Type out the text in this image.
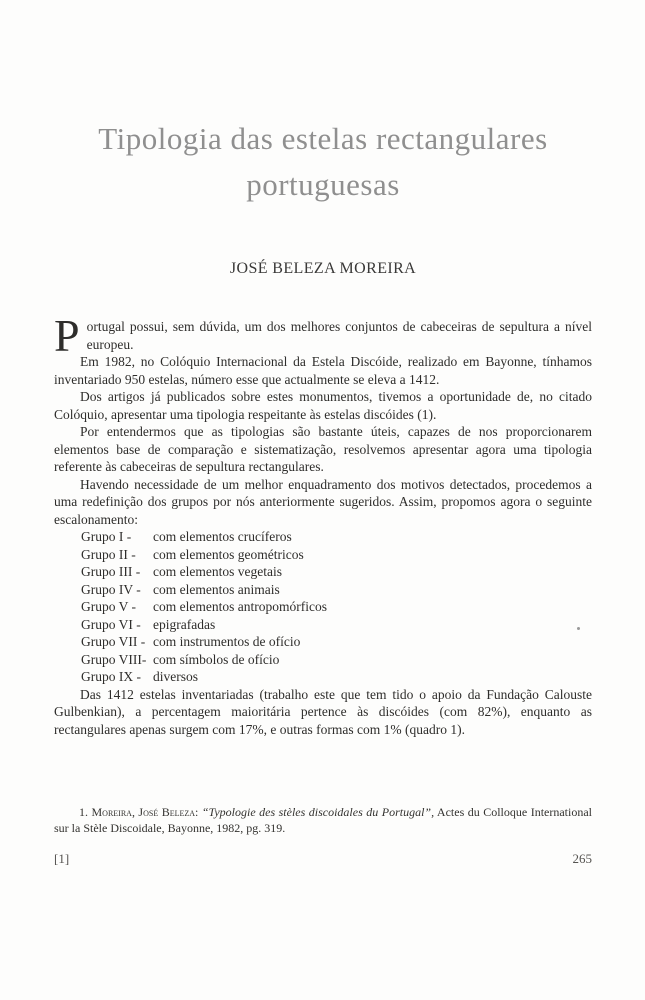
Tipologia das estelas rectangulares portuguesas
JOSÉ BELEZA MOREIRA

Portugal possui, sem dúvida, um dos melhores conjuntos de cabeceiras de sepultura a nível europeu.

Em 1982, no Colóquio Internacional da Estela Discóide, realizado em Bayonne, tínhamos inventariado 950 estelas, número esse que actualmente se eleva a 1412.

Dos artigos já publicados sobre estes monumentos, tivemos a oportunidade de, no citado Colóquio, apresentar uma tipologia respeitante às estelas discóides (1).

Por entendermos que as tipologias são bastante úteis, capazes de nos proporcionarem elementos base de comparação e sistematização, resolvemos apresentar agora uma tipologia referente às cabeceiras de sepultura rectangulares.

Havendo necessidade de um melhor enquadramento dos motivos detectados, procedemos a uma redefinição dos grupos por nós anteriormente sugeridos. Assim, propomos agora o seguinte escalonamento:

Grupo I -	com elementos crucíferos
Grupo II -	com elementos geométricos
Grupo III - com elementos vegetais
Grupo IV - com elementos animais
Grupo V -	com elementos antropomórficos
Grupo VI - epigrafadas
Grupo VII - com instrumentos de ofício
Grupo VIII- com símbolos de ofício
Grupo IX - diversos

Das 1412 estelas inventariadas (trabalho este que tem tido o apoio da Fundação Calouste Gulbenkian), a percentagem maioritária pertence às discóides (com 82%), enquanto as rectangulares apenas surgem com 17%, e outras formas com 1% (quadro 1).

1. Moreira, José Beleza: “Typologie des stèles discoidales du Portugal”, Actes du Colloque International sur la Stèle Discoidale, Bayonne, 1982, pg. 319.
[1]	265
